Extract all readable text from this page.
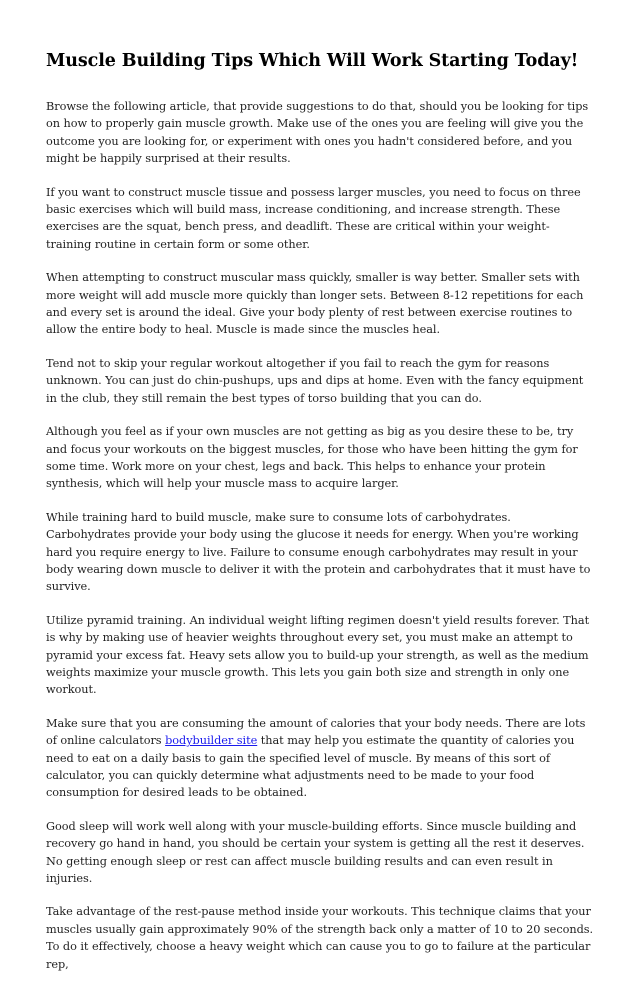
Muscle Building Tips Which Will Work Starting Today!

Browse the following article, that provide suggestions to do that, should you be looking for tips on how to properly gain muscle growth. Make use of the ones you are feeling will give you the outcome you are looking for, or experiment with ones you hadn't considered before, and you might be happily surprised at their results.

If you want to construct muscle tissue and possess larger muscles, you need to focus on three basic exercises which will build mass, increase conditioning, and increase strength. These exercises are the squat, bench press, and deadlift. These are critical within your weight-training routine in certain form or some other.

When attempting to construct muscular mass quickly, smaller is way better. Smaller sets with more weight will add muscle more quickly than longer sets. Between 8-12 repetitions for each and every set is around the ideal. Give your body plenty of rest between exercise routines to allow the entire body to heal. Muscle is made since the muscles heal.

Tend not to skip your regular workout altogether if you fail to reach the gym for reasons unknown. You can just do chin-pushups, ups and dips at home. Even with the fancy equipment in the club, they still remain the best types of torso building that you can do.

Although you feel as if your own muscles are not getting as big as you desire these to be, try and focus your workouts on the biggest muscles, for those who have been hitting the gym for some time. Work more on your chest, legs and back. This helps to enhance your protein synthesis, which will help your muscle mass to acquire larger.

While training hard to build muscle, make sure to consume lots of carbohydrates. Carbohydrates provide your body using the glucose it needs for energy. When you're working hard you require energy to live. Failure to consume enough carbohydrates may result in your body wearing down muscle to deliver it with the protein and carbohydrates that it must have to survive.

Utilize pyramid training. An individual weight lifting regimen doesn't yield results forever. That is why by making use of heavier weights throughout every set, you must make an attempt to pyramid your excess fat. Heavy sets allow you to build-up your strength, as well as the medium weights maximize your muscle growth. This lets you gain both size and strength in only one workout.

Make sure that you are consuming the amount of calories that your body needs. There are lots of online calculators bodybuilder site that may help you estimate the quantity of calories you need to eat on a daily basis to gain the specified level of muscle. By means of this sort of calculator, you can quickly determine what adjustments need to be made to your food consumption for desired leads to be obtained.

Good sleep will work well along with your muscle-building efforts. Since muscle building and recovery go hand in hand, you should be certain your system is getting all the rest it deserves. No getting enough sleep or rest can affect muscle building results and can even result in injuries.

Take advantage of the rest-pause method inside your workouts. This technique claims that your muscles usually gain approximately 90% of the strength back only a matter of 10 to 20 seconds. To do it effectively, choose a heavy weight which can cause you to go to failure at the particular rep,
